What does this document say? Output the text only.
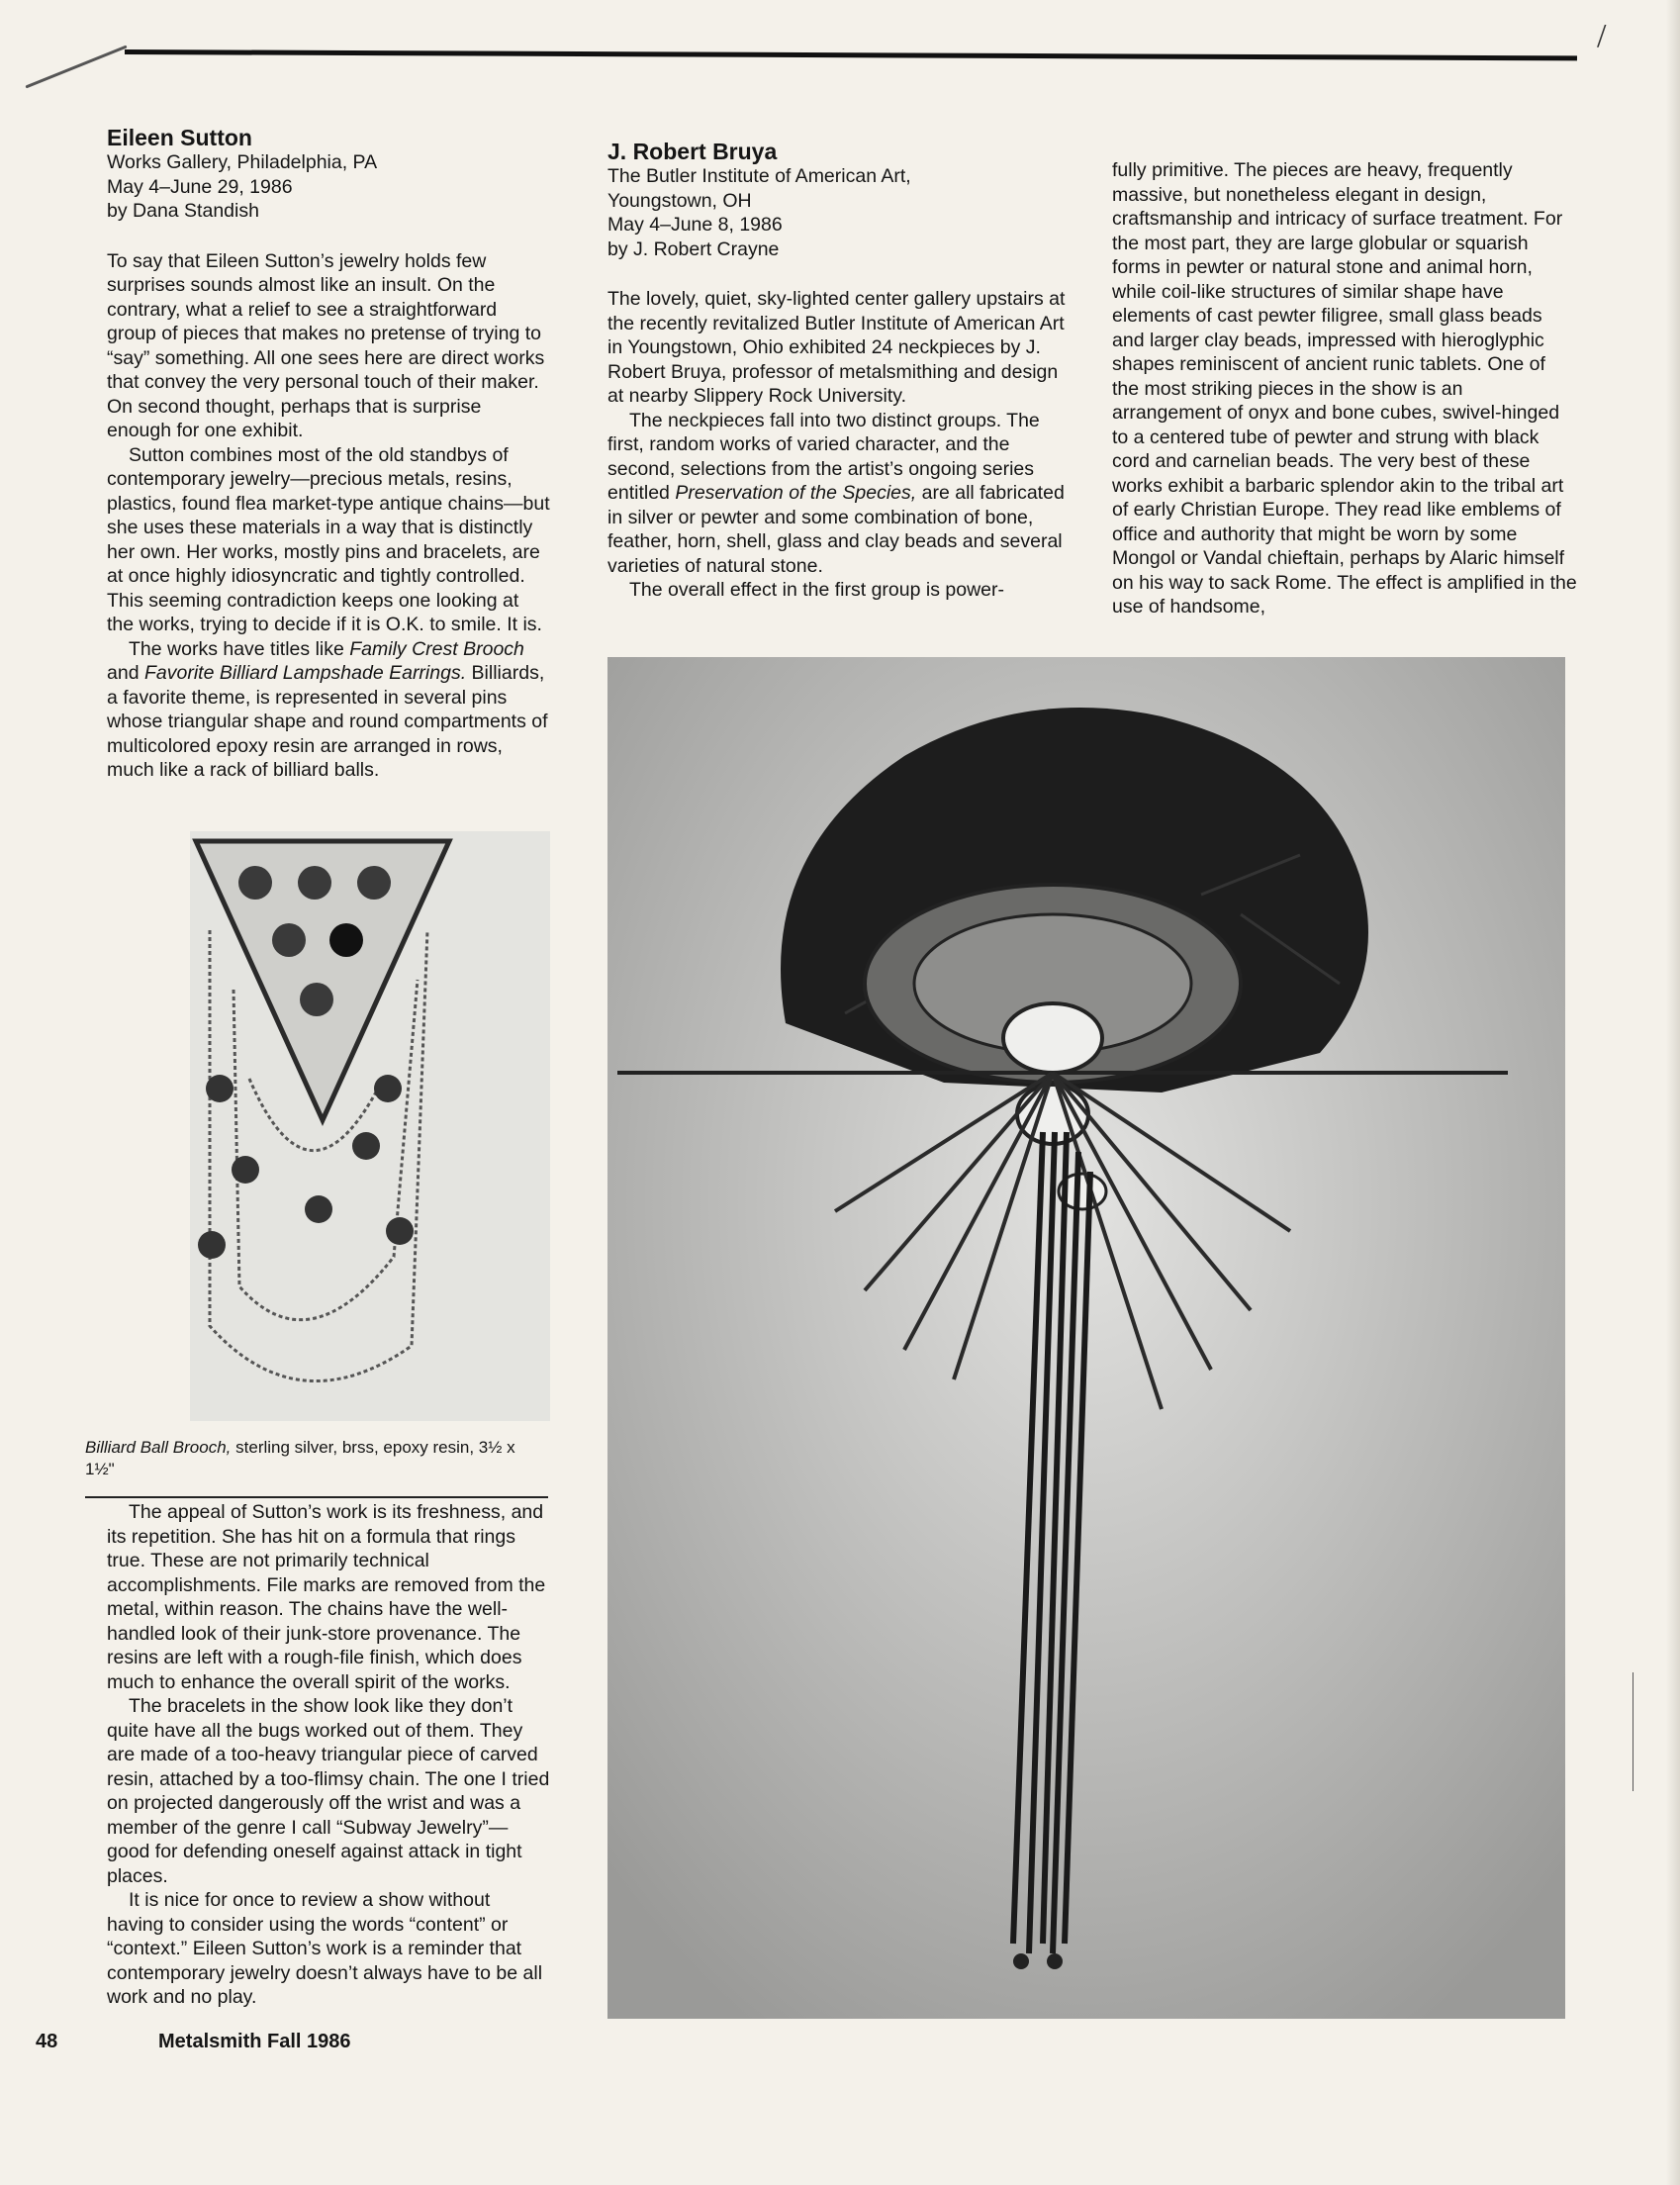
/
Eileen Sutton

Works Gallery, Philadelphia, PA

May 4–June 29, 1986

by Dana Standish

To say that Eileen Sutton’s jewelry holds few surprises sounds almost like an insult. On the contrary, what a relief to see a straightforward group of pieces that makes no pretense of trying to “say” something. All one sees here are direct works that convey the very personal touch of their maker. On second thought, perhaps that is surprise enough for one exhibit.

Sutton combines most of the old standbys of contemporary jewelry—precious metals, resins, plastics, found flea market-type antique chains—but she uses these materials in a way that is distinctly her own. Her works, mostly pins and bracelets, are at once highly idiosyncratic and tightly controlled. This seeming contradiction keeps one looking at the works, trying to decide if it is O.K. to smile. It is.

The works have titles like Family Crest Brooch and Favorite Billiard Lampshade Earrings. Billiards, a favorite theme, is represented in several pins whose triangular shape and round compartments of multicolored epoxy resin are arranged in rows, much like a rack of billiard balls.

Billiard Ball Brooch, sterling silver, brss, epoxy resin, 3½ x 1½"

The appeal of Sutton’s work is its freshness, and its repetition. She has hit on a formula that rings true. These are not primarily technical accomplishments. File marks are removed from the metal, within reason. The chains have the well-handled look of their junk-store provenance. The resins are left with a rough-file finish, which does much to enhance the overall spirit of the works.

The bracelets in the show look like they don’t quite have all the bugs worked out of them. They are made of a too-heavy triangular piece of carved resin, attached by a too-flimsy chain. The one I tried on projected dangerously off the wrist and was a member of the genre I call “Subway Jewelry”—good for defending oneself against attack in tight places.

It is nice for once to review a show without having to consider using the words “content” or “context.” Eileen Sutton’s work is a reminder that contemporary jewelry doesn’t always have to be all work and no play.

J. Robert Bruya

The Butler Institute of American Art,

Youngstown, OH

May 4–June 8, 1986

by J. Robert Crayne

The lovely, quiet, sky-lighted center gallery upstairs at the recently revitalized Butler Institute of American Art in Youngstown, Ohio exhibited 24 neckpieces by J. Robert Bruya, professor of metalsmithing and design at nearby Slippery Rock University.

The neckpieces fall into two distinct groups. The first, random works of varied character, and the second, selections from the artist’s ongoing series entitled Preservation of the Species, are all fabricated in silver or pewter and some combination of bone, feather, horn, shell, glass and clay beads and several varieties of natural stone.

The overall effect in the first group is power-

fully primitive. The pieces are heavy, frequently massive, but nonetheless elegant in design, craftsmanship and intricacy of surface treatment. For the most part, they are large globular or squarish forms in pewter or natural stone and animal horn, while coil-like structures of similar shape have elements of cast pewter filigree, small glass beads and larger clay beads, impressed with hieroglyphic shapes reminiscent of ancient runic tablets. One of the most striking pieces in the show is an arrangement of onyx and bone cubes, swivel-hinged to a centered tube of pewter and strung with black cord and carnelian beads. The very best of these works exhibit a barbaric splendor akin to the tribal art of early Christian Europe. They read like emblems of office and authority that might be worn by some Mongol or Vandal chieftain, perhaps by Alaric himself on his way to sack Rome. The effect is amplified in the use of handsome,

48	Metalsmith Fall 1986
